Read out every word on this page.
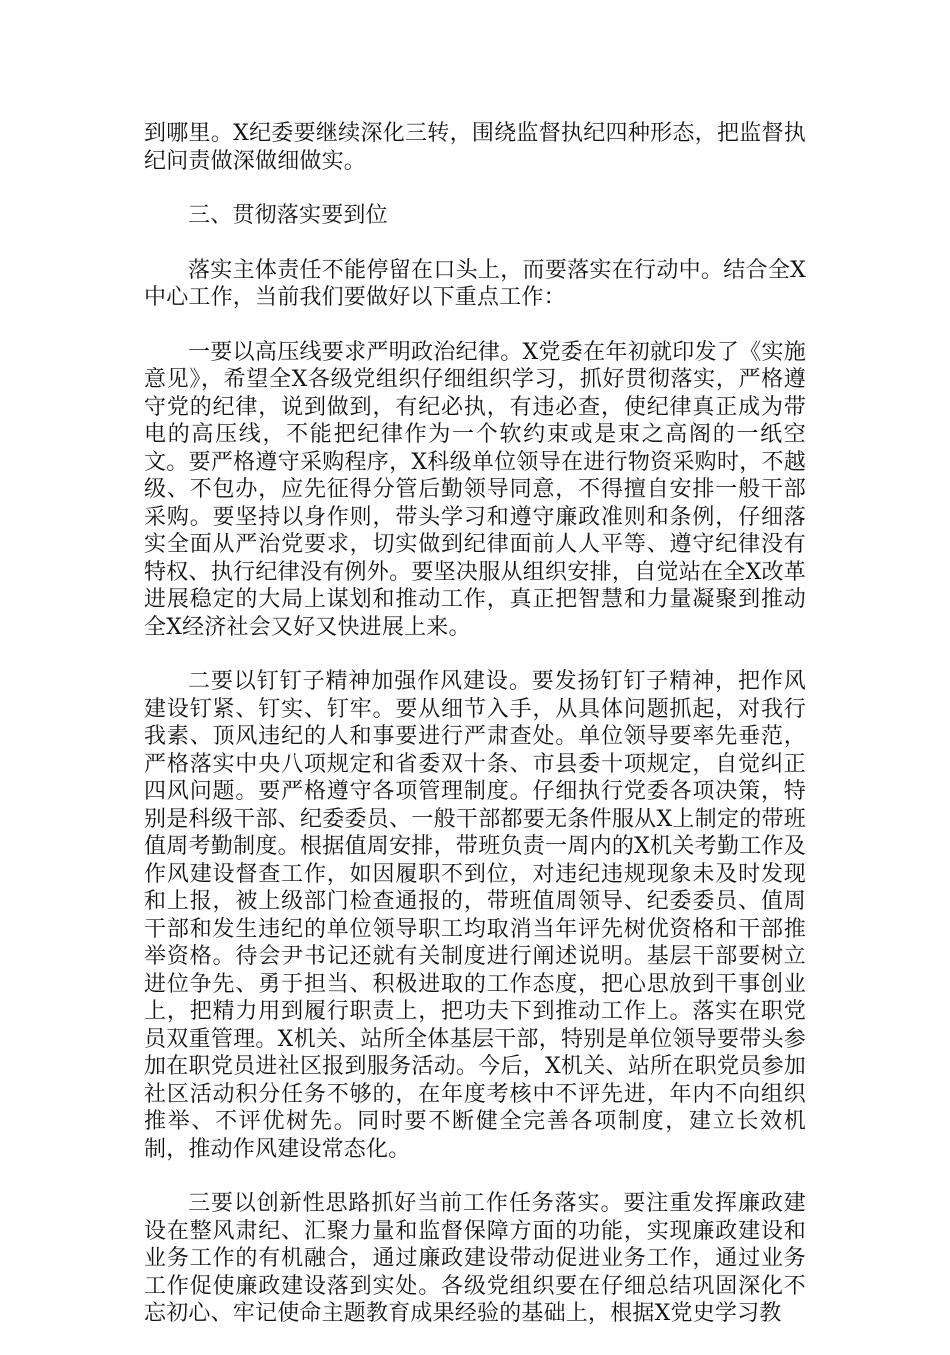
到哪里。X纪委要继续深化三转，围绕监督执纪四种形态，把监督执纪问责做深做细做实。

三、贯彻落实要到位

落实主体责任不能停留在口头上，而要落实在行动中。结合全X中心工作，当前我们要做好以下重点工作：

一要以高压线要求严明政治纪律。X党委在年初就印发了《实施意见》，希望全X各级党组织仔细组织学习，抓好贯彻落实，严格遵守党的纪律，说到做到，有纪必执，有违必查，使纪律真正成为带电的高压线，不能把纪律作为一个软约束或是束之高阁的一纸空文。要严格遵守采购程序，X科级单位领导在进行物资采购时，不越级、不包办，应先征得分管后勤领导同意，不得擅自安排一般干部采购。要坚持以身作则，带头学习和遵守廉政准则和条例，仔细落实全面从严治党要求，切实做到纪律面前人人平等、遵守纪律没有特权、执行纪律没有例外。要坚决服从组织安排，自觉站在全X改革进展稳定的大局上谋划和推动工作，真正把智慧和力量凝聚到推动全X经济社会又好又快进展上来。

二要以钉钉子精神加强作风建设。要发扬钉钉子精神，把作风建设钉紧、钉实、钉牢。要从细节入手，从具体问题抓起，对我行我素、顶风违纪的人和事要进行严肃查处。单位领导要率先垂范，严格落实中央八项规定和省委双十条、市县委十项规定，自觉纠正四风问题。要严格遵守各项管理制度。仔细执行党委各项决策，特别是科级干部、纪委委员、一般干部都要无条件服从X上制定的带班值周考勤制度。根据值周安排，带班负责一周内的X机关考勤工作及作风建设督查工作，如因履职不到位，对违纪违规现象未及时发现和上报，被上级部门检查通报的，带班值周领导、纪委委员、值周干部和发生违纪的单位领导职工均取消当年评先树优资格和干部推举资格。待会尹书记还就有关制度进行阐述说明。基层干部要树立进位争先、勇于担当、积极进取的工作态度，把心思放到干事创业上，把精力用到履行职责上，把功夫下到推动工作上。落实在职党员双重管理。X机关、站所全体基层干部，特别是单位领导要带头参加在职党员进社区报到服务活动。今后，X机关、站所在职党员参加社区活动积分任务不够的，在年度考核中不评先进，年内不向组织推举、不评优树先。同时要不断健全完善各项制度，建立长效机制，推动作风建设常态化。

三要以创新性思路抓好当前工作任务落实。要注重发挥廉政建设在整风肃纪、汇聚力量和监督保障方面的功能，实现廉政建设和业务工作的有机融合，通过廉政建设带动促进业务工作，通过业务工作促使廉政建设落到实处。各级党组织要在仔细总结巩固深化不忘初心、牢记使命主题教育成果经验的基础上，根据X党史学习教
